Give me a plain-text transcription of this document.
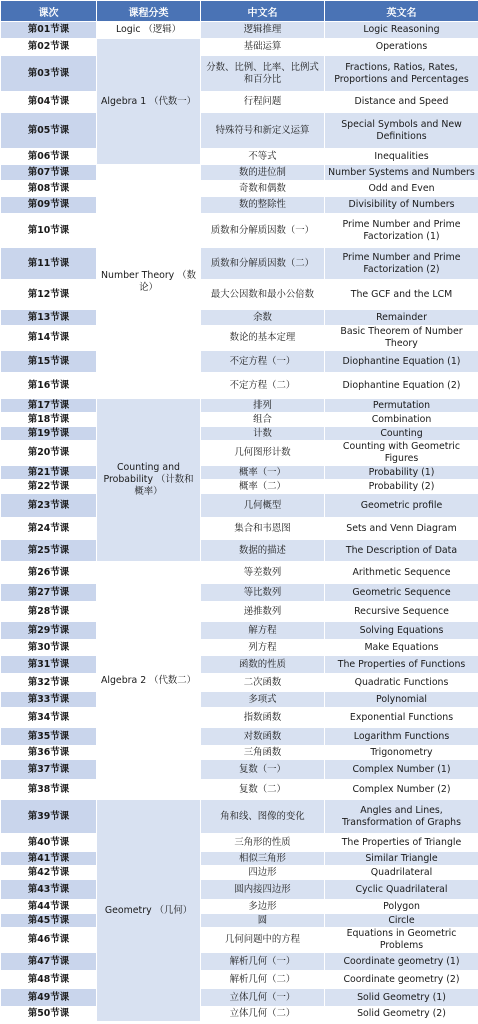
课次	课程分类	中文名	英文名
第01节课	Logic （逻辑）	逻辑推理	Logic Reasoning
第02节课	Algebra 1 （代数一）	基础运算	Operations
第03节课		分数、比例、比率、比例式和百分比	Fractions, Ratios, Rates, Proportions and Percentages
第04节课		行程问题	Distance and Speed
第05节课		特殊符号和新定义运算	Special Symbols and New Definitions
第06节课		不等式	Inequalities
第07节课	Number Theory （数论）	数的进位制	Number Systems and Numbers
第08节课		奇数和偶数	Odd and Even
第09节课		数的整除性	Divisibility of Numbers
第10节课		质数和分解质因数（一）	Prime Number and Prime Factorization (1)
第11节课		质数和分解质因数（二）	Prime Number and Prime Factorization (2)
第12节课		最大公因数和最小公倍数	The GCF and the LCM
第13节课		余数	Remainder
第14节课		数论的基本定理	Basic Theorem of Number Theory
第15节课		不定方程（一）	Diophantine Equation (1)
第16节课		不定方程（二）	Diophantine Equation (2)
第17节课	Counting and Probability （计数和概率）	排列	Permutation
第18节课		组合	Combination
第19节课		计数	Counting
第20节课		几何图形计数	Counting with Geometric Figures
第21节课		概率（一）	Probability (1)
第22节课		概率（二）	Probability (2)
第23节课		几何概型	Geometric profile
第24节课		集合和韦恩图	Sets and Venn Diagram
第25节课		数据的描述	The Description of Data
第26节课	Algebra 2 （代数二）	等差数列	Arithmetic Sequence
第27节课		等比数列	Geometric Sequence
第28节课		递推数列	Recursive Sequence
第29节课		解方程	Solving Equations
第30节课		列方程	Make Equations
第31节课		函数的性质	The Properties of Functions
第32节课		二次函数	Quadratic Functions
第33节课		多项式	Polynomial
第34节课		指数函数	Exponential Functions
第35节课		对数函数	Logarithm Functions
第36节课		三角函数	Trigonometry
第37节课		复数（一）	Complex Number (1)
第38节课		复数（二）	Complex Number (2)
第39节课	Geometry （几何）	角和线、图像的变化	Angles and Lines, Transformation of Graphs
第40节课		三角形的性质	The Properties of Triangle
第41节课		相似三角形	Similar Triangle
第42节课		四边形	Quadrilateral
第43节课		圆内接四边形	Cyclic Quadrilateral
第44节课		多边形	Polygon
第45节课		圆	Circle
第46节课		几何问题中的方程	Equations in Geometric Problems
第47节课		解析几何（一）	Coordinate geometry (1)
第48节课		解析几何（二）	Coordinate geometry (2)
第49节课		立体几何（一）	Solid Geometry (1)
第50节课		立体几何（二）	Solid Geometry (2)
